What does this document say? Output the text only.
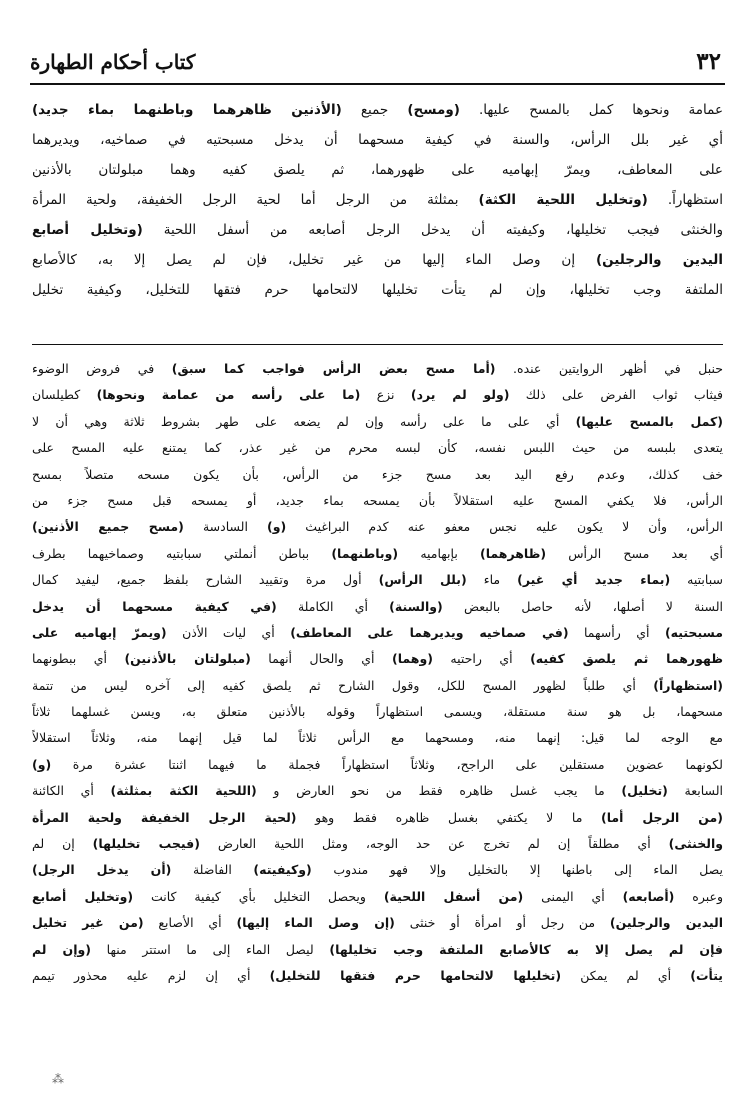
كتاب أحكام الطهارة	٣٢
عمامة ونحوها كمل بالمسح عليها. (ومسح) جميع (الأذنين ظاهرهما وباطنهما بماء جديد)
أي غير بلل الرأس، والسنة في كيفية مسحهما أن يدخل مسبحتيه في صماخيه، ويديرهما
على المعاطف، ويمرّ إبهاميه على ظهورهما، ثم يلصق كفيه وهما مبلولتان بالأذنين
استظهاراً. (وتخليل اللحية الكثة) بمثلثة من الرجل أما لحية الرجل الخفيفة، ولحية المرأة
والخنثى فيجب تخليلها، وكيفيته أن يدخل الرجل أصابعه من أسفل اللحية (وتخليل أصابع
اليدين والرجلين) إن وصل الماء إليها من غير تخليل، فإن لم يصل إلا به، كالأصابع
الملتفة وجب تخليلها، وإن لم يتأت تخليلها لالتحامها حرم فتقها للتخليل، وكيفية تخليل
حنبل في أظهر الروايتين عنده. (أما مسح بعض الرأس فواجب كما سبق) في فروض الوضوء
فيثاب ثواب الفرض على ذلك (ولو لم يرد) نزع (ما على رأسه من عمامة ونحوها) كطيلسان
(كمل بالمسح عليها) أي على ما على رأسه وإن لم يضعه على طهر بشروط ثلاثة وهي أن لا
يتعدى بلبسه من حيث اللبس نفسه، كأن لبسه محرم من غير عذر، كما يمتنع عليه المسح على
خف كذلك، وعدم رفع اليد بعد مسح جزء من الرأس، بأن يكون مسحه متصلاً بمسح
الرأس، فلا يكفي المسح عليه استقلالاً بأن يمسحه بماء جديد، أو يمسحه قبل مسح جزء من
الرأس، وأن لا يكون عليه نجس معفو عنه كدم البراغيث (و) السادسة (مسح جميع الأذنين)
أي بعد مسح الرأس (ظاهرهما) بإبهاميه (وباطنهما) بباطن أنملتي سبابتيه وصماخيهما بطرف
سبابتيه (بماء جديد أي غير) ماء (بلل الرأس) أول مرة وتقييد الشارح بلفظ جميع، ليفيد كمال
السنة لا أصلها، لأنه حاصل بالبعض (والسنة) أي الكاملة (في كيفية مسحهما أن يدخل
مسبحتيه) أي رأسهما (في صماخيه ويديرهما على المعاطف) أي ليات الأذن (ويمرّ إبهاميه على
ظهورهما ثم يلصق كفيه) أي راحتيه (وهما) أي والحال أنهما (مبلولتان بالأذنين) أي ببطونهما
(استظهاراً) أي طلباً لظهور المسح للكل، وقول الشارح ثم يلصق كفيه إلى آخره ليس من تتمة
مسحهما، بل هو سنة مستقلة، ويسمى استظهاراً وقوله بالأذنين متعلق به، ويسن غسلهما ثلاثاً
مع الوجه لما قيل: إنهما منه، ومسحهما مع الرأس ثلاثاً لما قيل إنهما منه، وثلاثاً استقلالاً
لكونهما عضوين مستقلين على الراجح، وثلاثاً استظهاراً فجملة ما فيهما اثنتا عشرة مرة (و)
السابعة (تخليل) ما يجب غسل ظاهره فقط من نحو العارض و (اللحية الكثة بمثلثة) أي الكائنة
(من الرجل أما) ما لا يكتفي بغسل ظاهره فقط وهو (لحية الرجل الخفيفة ولحية المرأة
والخنثى) أي مطلقاً إن لم تخرج عن حد الوجه، ومثل اللحية العارض (فيجب تخليلها) إن لم
يصل الماء إلى باطنها إلا بالتخليل وإلا فهو مندوب (وكيفيته) الفاضلة (أن يدخل الرجل)
وعبره (أصابعه) أي اليمنى (من أسفل اللحية) ويحصل التخليل بأي كيفية كانت (وتخليل أصابع
اليدين والرجلين) من رجل أو امرأة أو خنثى (إن وصل الماء إليها) أي الأصابع (من غير تخليل
فإن لم يصل إلا به كالأصابع الملتفة وجب تخليلها) ليصل الماء إلى ما استتر منها (وإن لم
يتأت) أي لم يمكن (تخليلها لالتحامها حرم فتقها للتخليل) أي إن لزم عليه محذور تيمم
⁂
